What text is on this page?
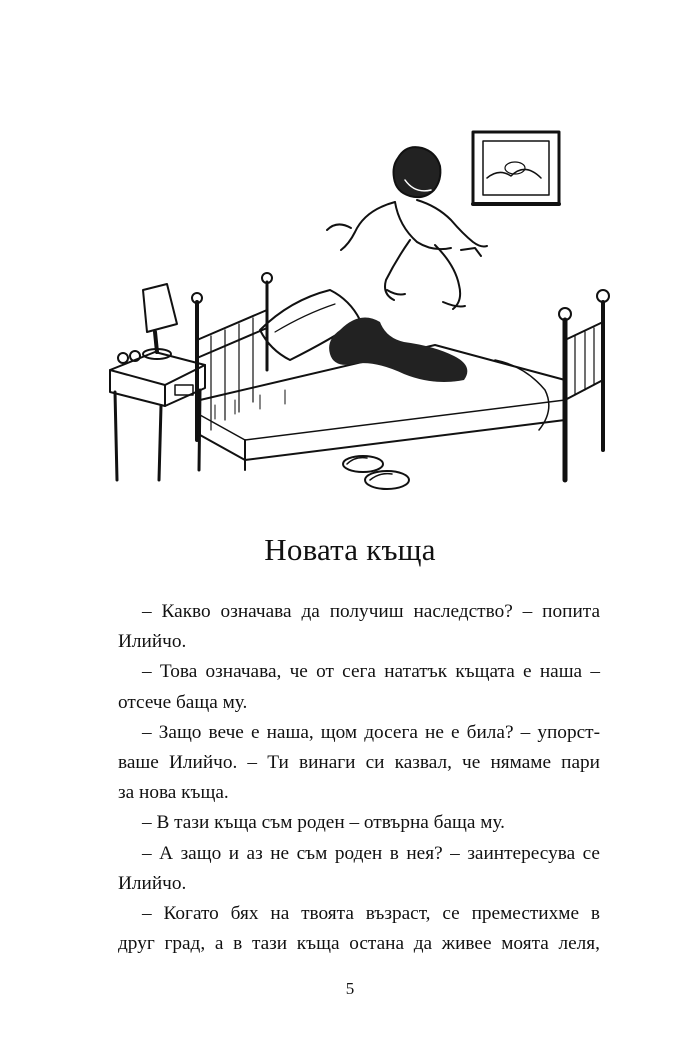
Новата къща
– Какво означава да получиш наследство? – попита
Илийчо.
– Това означава, че от сега нататък къщата е наша –
отсече баща му.
– Защо вече е наша, щом досега не е била? – упорст-
ваше Илийчо. – Ти винаги си казвал, че нямаме пари
за нова къща.
– В тази къща съм роден – отвърна баща му.
– А защо и аз не съм роден в нея? – заинтересува се
Илийчо.
– Когато бях на твоята възраст, се преместихме в
друг град, а в тази къща остана да живее моята леля,
5
